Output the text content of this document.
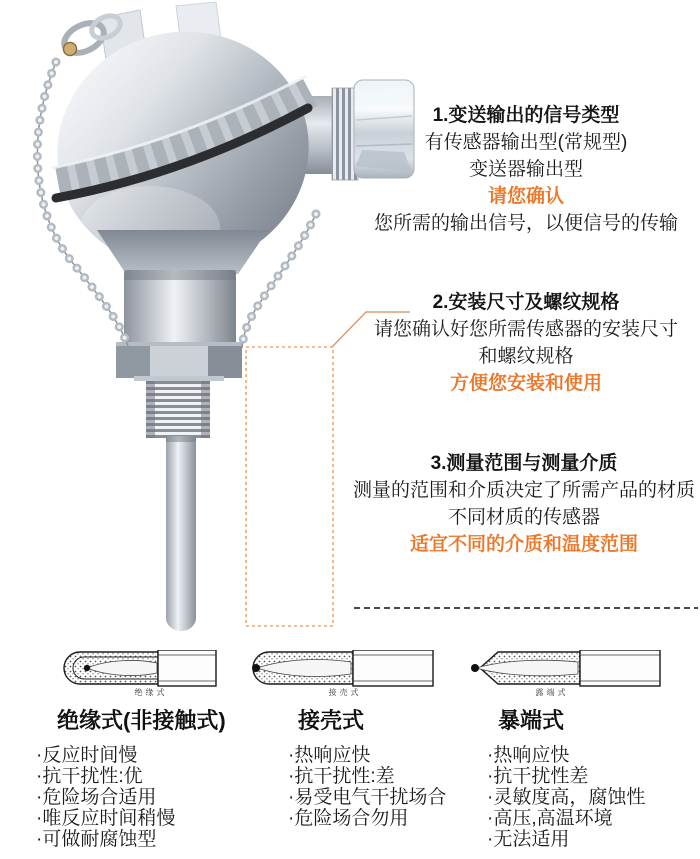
1.变送输出的信号类型
有传感器输出型(常规型)
变送器输出型
请您确认
您所需的输出信号，以便信号的传输
2.安装尺寸及螺纹规格
请您确认好您所需传感器的安装尺寸
和螺纹规格
方便您安装和使用
3.测量范围与测量介质
测量的范围和介质决定了所需产品的材质
不同材质的传感器
适宜不同的介质和温度范围
绝缘式
绝缘式(非接触式)
·反应时间慢
·抗干扰性:优
·危险场合适用
·唯反应时间稍慢
·可做耐腐蚀型
接壳式
接壳式
·热响应快
·抗干扰性:差
·易受电气干扰场合
·危险场合勿用
露端式
暴端式
·热响应快
·抗干扰性差
·灵敏度高，腐蚀性
·高压,高温环境
·无法适用
